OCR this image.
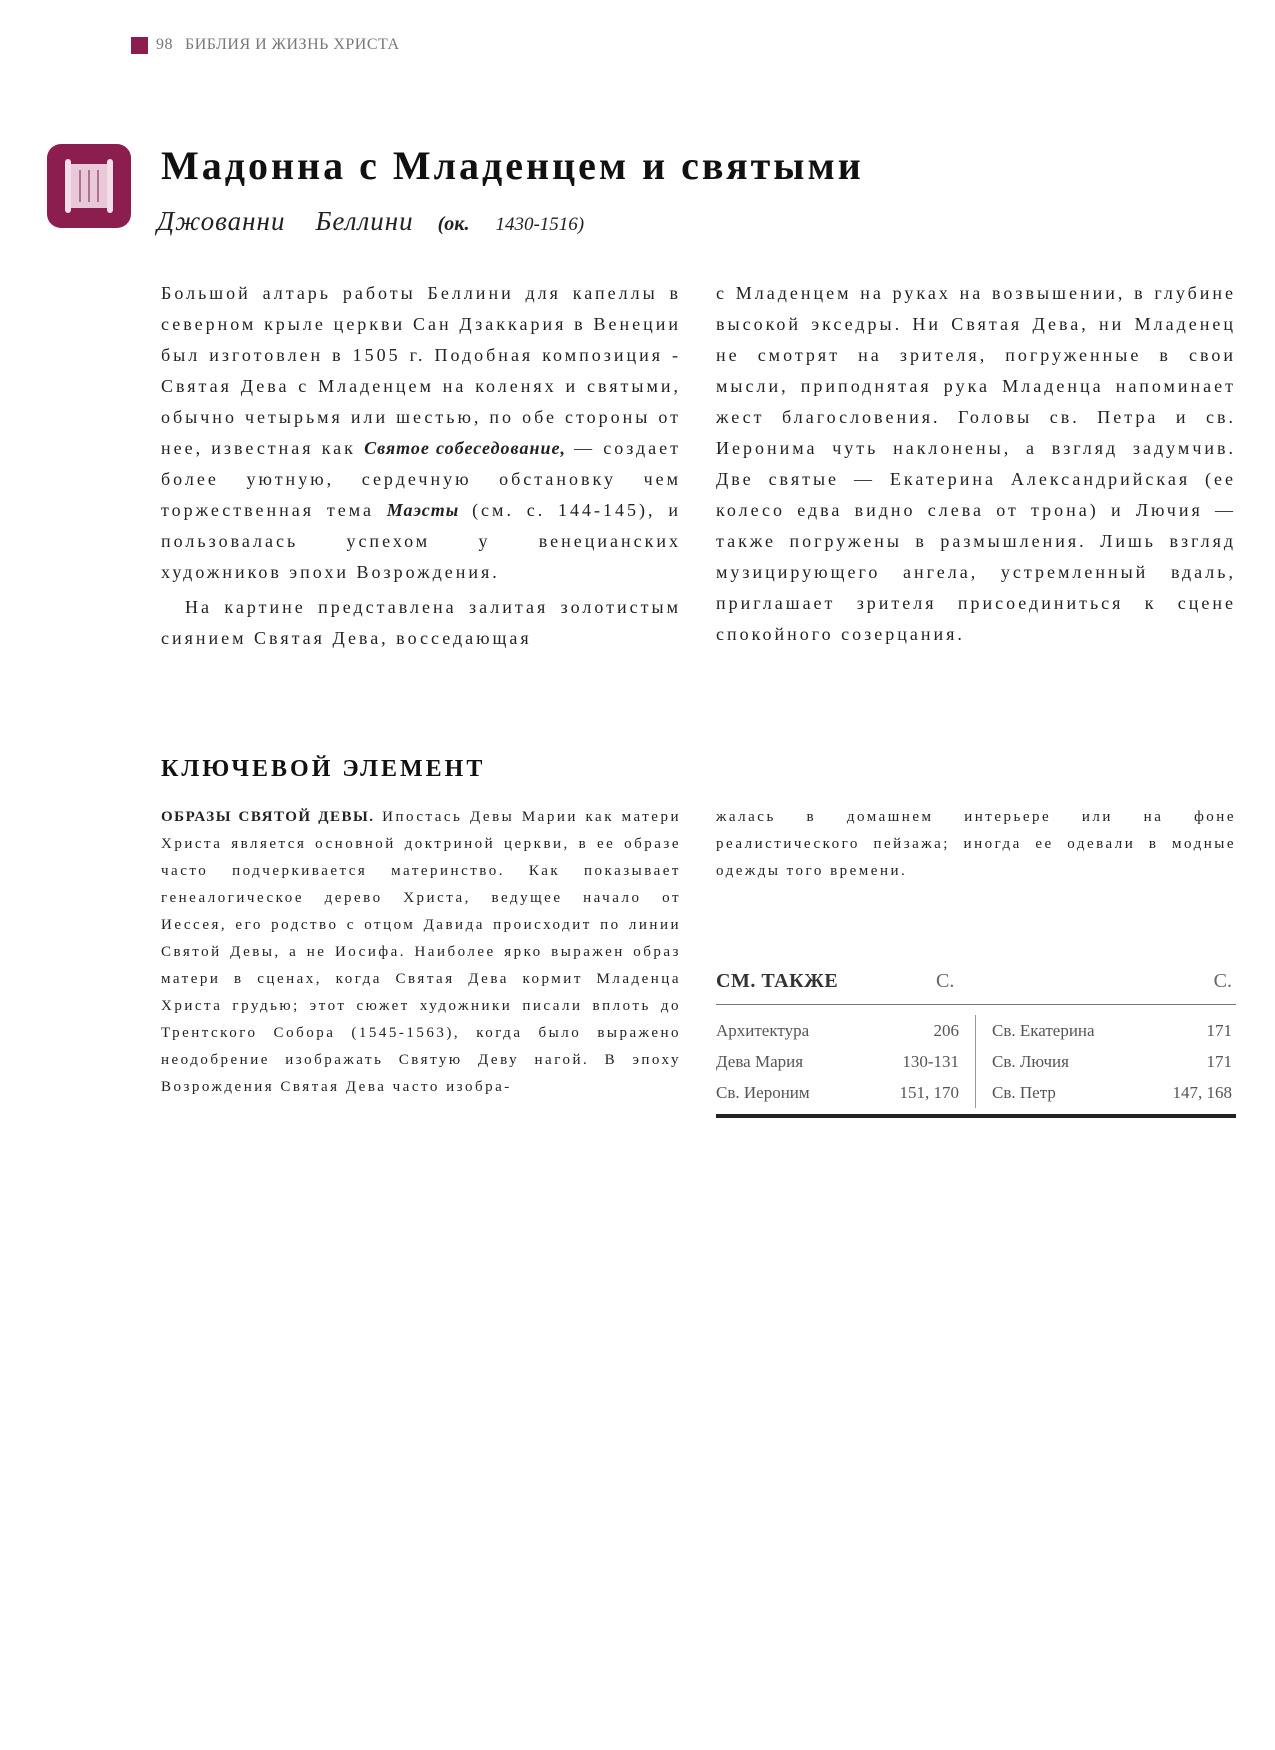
98 БИБЛИЯ И ЖИЗНЬ ХРИСТА
Мадонна с Младенцем и святыми
Джованни Беллини (ок. 1430-1516)

Большой алтарь работы Беллини для капеллы в северном крыле церкви Сан Дзаккария в Венеции был изготовлен в 1505 г. Подобная композиция - Святая Дева с Младенцем на коленях и святыми, обычно четырьмя или шестью, по обе стороны от нее, известная как Святое собеседование, — создает более уютную, сердечную обстановку чем торжественная тема Маэсты (см. с. 144-145), и пользовалась успехом у венецианских художников эпохи Возрождения.

На картине представлена залитая золотистым сиянием Святая Дева, восседающая

с Младенцем на руках на возвышении, в глубине высокой экседры. Ни Святая Дева, ни Младенец не смотрят на зрителя, погруженные в свои мысли, приподнятая рука Младенца напоминает жест благословения. Головы св. Петра и св. Иеронима чуть наклонены, а взгляд задумчив. Две святые — Екатерина Александрийская (ее колесо едва видно слева от трона) и Лючия — также погружены в размышления. Лишь взгляд музицирующего ангела, устремленный вдаль, приглашает зрителя присоединиться к сцене спокойного созерцания.

КЛЮЧЕВОЙ ЭЛЕМЕНТ

ОБРАЗЫ СВЯТОЙ ДЕВЫ. Ипостась Девы Марии как матери Христа является основной доктриной церкви, в ее образе часто подчеркивается материнство. Как показывает генеалогическое дерево Христа, ведущее начало от Иессея, его родство с отцом Давида происходит по линии Святой Девы, а не Иосифа. Наиболее ярко выражен образ матери в сценах, когда Святая Дева кормит Младенца Христа грудью; этот сюжет художники писали вплоть до Трентского Собора (1545-1563), когда было выражено неодобрение изображать Святую Деву нагой. В эпоху Возрождения Святая Дева часто изобра-

жалась в домашнем интерьере или на фоне реалистического пейзажа; иногда ее одевали в модные одежды того времени.

СМ. ТАКЖЕ	С.	С.
Архитектура	206
Дева Мария	130-131
Св. Иероним	151, 170
Св. Екатерина	171
Св. Лючия	171
Св. Петр	147, 168
